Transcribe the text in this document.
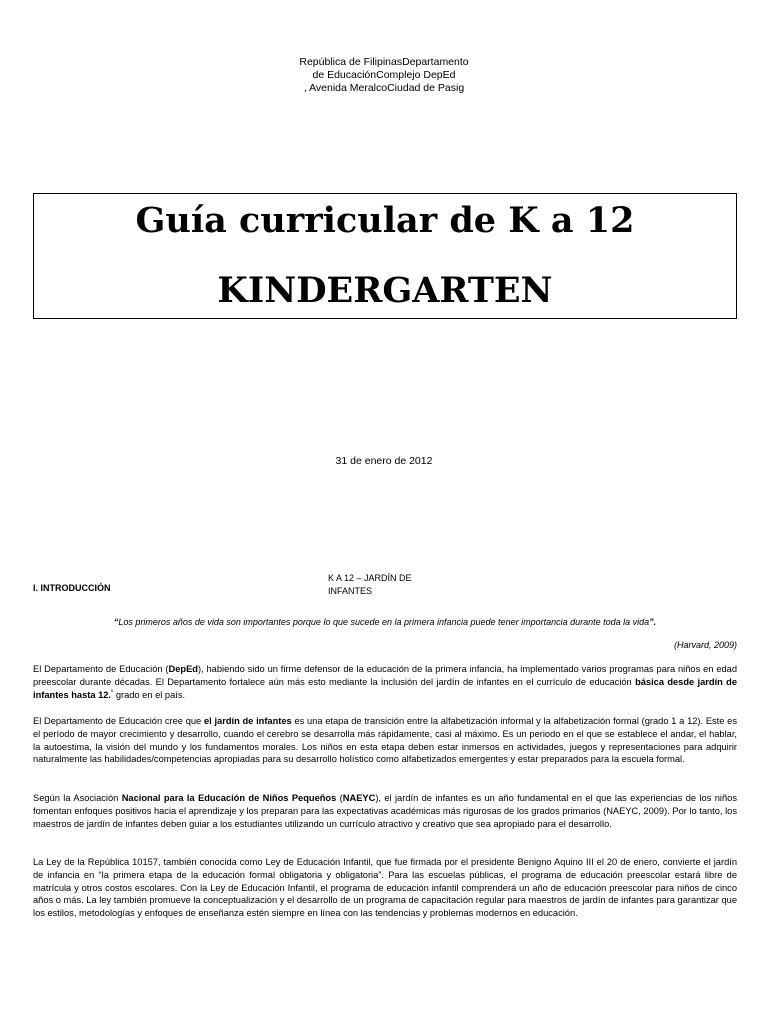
República de FilipinasDepartamento
de EducaciónComplejo DepEd
, Avenida MeralcoCiudad de Pasig
Guía curricular de K a 12
KINDERGARTEN
31 de enero de 2012
I. INTRODUCCIÓN
K A 12 – JARDÍN DE
INFANTES
“Los primeros años de vida son importantes porque lo que sucede en la primera infancia puede tener importancia durante toda la vida”.
(Harvard, 2009)
El Departamento de Educación (DepEd), habiendo sido un firme defensor de la educación de la primera infancia, ha implementado varios programas para niños en edad preescolar durante décadas. El Departamento fortalece aún más esto mediante la inclusión del jardín de infantes en el currículo de educación básica desde jardín de infantes hasta 12.$^º$ grado en el país.
El Departamento de Educación cree que el jardín de infantes es una etapa de transición entre la alfabetización informal y la alfabetización formal (grado 1 a 12). Este es el período de mayor crecimiento y desarrollo, cuando el cerebro se desarrolla más rápidamente, casi al máximo. Es un periodo en el que se establece el andar, el hablar, la autoestima, la visión del mundo y los fundamentos morales. Los niños en esta etapa deben estar inmersos en actividades, juegos y representaciones para adquirir naturalmente las habilidades/competencias apropiadas para su desarrollo holístico como alfabetizados emergentes y estar preparados para la escuela formal.
Según la Asociación Nacional para la Educación de Niños Pequeños (NAEYC), el jardín de infantes es un año fundamental en el que las experiencias de los niños fomentan enfoques positivos hacia el aprendizaje y los preparan para las expectativas académicas más rigurosas de los grados primarios (NAEYC, 2009). Por lo tanto, los maestros de jardín de infantes deben guiar a los estudiantes utilizando un currículo atractivo y creativo que sea apropiado para el desarrollo.
La Ley de la República 10157, también conocida como Ley de Educación Infantil, que fue firmada por el presidente Benigno Aquino III el 20 de enero, convierte el jardín de infancia en “la primera etapa de la educación formal obligatoria y obligatoria”. Para las escuelas públicas, el programa de educación preescolar estará libre de matrícula y otros costos escolares. Con la Ley de Educación Infantil, el programa de educación infantil comprenderá un año de educación preescolar para niños de cinco años o más. La ley también promueve la conceptualización y el desarrollo de un programa de capacitación regular para maestros de jardín de infantes para garantizar que los estilos, metodologías y enfoques de enseñanza estén siempre en línea con las tendencias y problemas modernos en educación.
